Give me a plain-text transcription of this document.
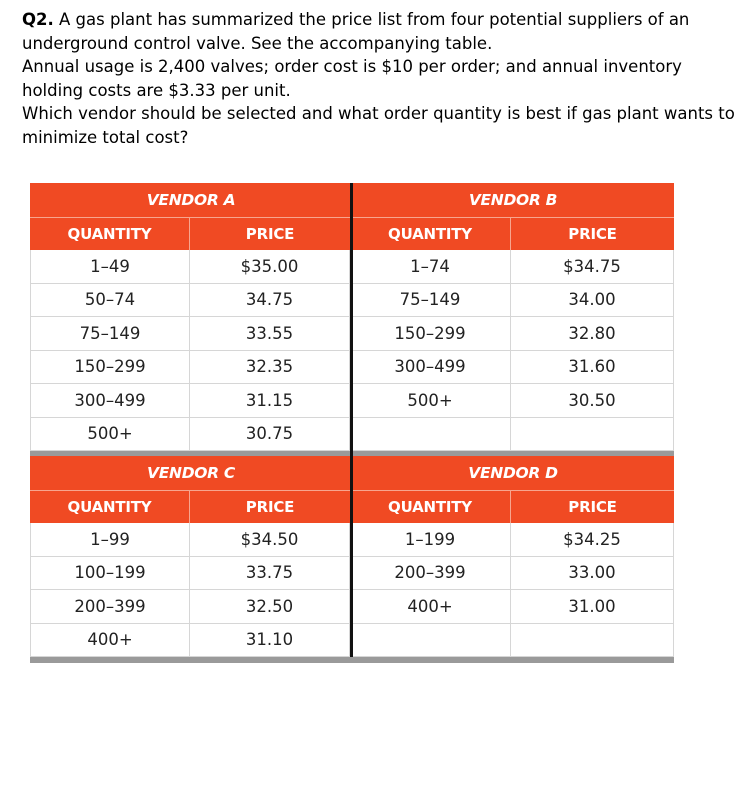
Q2. A gas plant has summarized the price list from four potential suppliers of an underground control valve. See the accompanying table.

Annual usage is 2,400 valves; order cost is $10 per order; and annual inventory holding costs are $3.33 per unit.

Which vendor should be selected and what order quantity is best if gas plant wants to minimize total cost?

VENDOR A	VENDOR B
QUANTITY	PRICE	QUANTITY	PRICE
1–49	$35.00	1–74	$34.75
50–74	34.75	75–149	34.00
75–149	33.55	150–299	32.80
150–299	32.35	300–499	31.60
300–499	31.15	500+	30.50
500+	30.75
VENDOR C	VENDOR D
QUANTITY	PRICE	QUANTITY	PRICE
1–99	$34.50	1–199	$34.25
100–199	33.75	200–399	33.00
200–399	32.50	400+	31.00
400+	31.10
